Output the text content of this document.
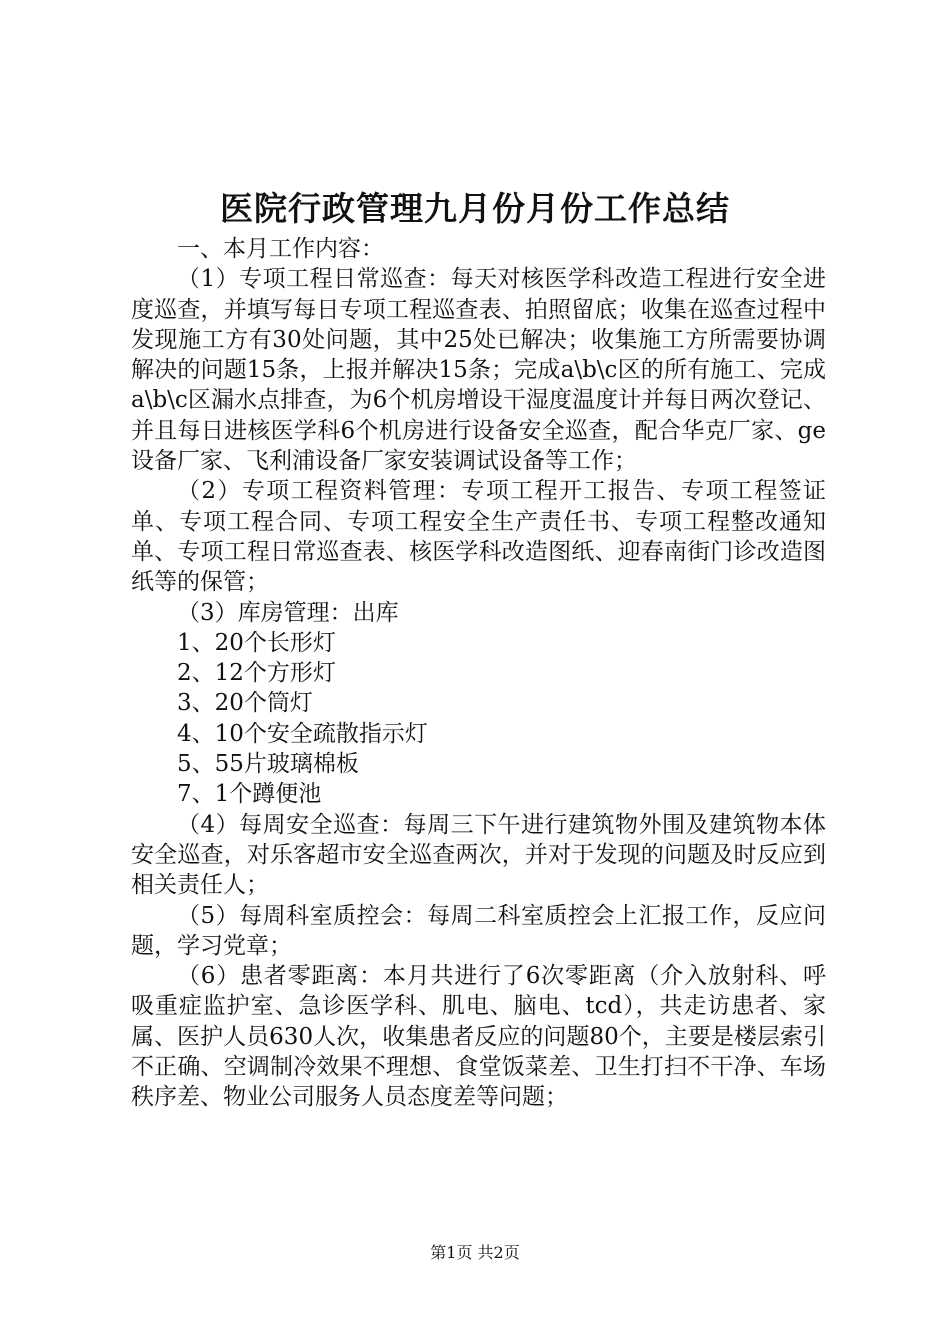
医院行政管理九月份月份工作总结

一、本月工作内容：

（1）专项工程日常巡查：每天对核医学科改造工程进行安全进度巡查，并填写每日专项工程巡查表、拍照留底；收集在巡查过程中发现施工方有30处问题，其中25处已解决；收集施工方所需要协调解决的问题15条，上报并解决15条；完成a\b\c区的所有施工、完成a\b\c区漏水点排查，为6个机房增设干湿度温度计并每日两次登记、并且每日进核医学科6个机房进行设备安全巡查，配合华克厂家、ge设备厂家、飞利浦设备厂家安装调试设备等工作；

（2）专项工程资料管理：专项工程开工报告、专项工程签证单、专项工程合同、专项工程安全生产责任书、专项工程整改通知单、专项工程日常巡查表、核医学科改造图纸、迎春南街门诊改造图纸等的保管；

（3）库房管理：出库

1、20个长形灯

2、12个方形灯

3、20个筒灯

4、10个安全疏散指示灯

5、55片玻璃棉板

7、1个蹲便池

（4）每周安全巡查：每周三下午进行建筑物外围及建筑物本体安全巡查，对乐客超市安全巡查两次，并对于发现的问题及时反应到相关责任人；

（5）每周科室质控会：每周二科室质控会上汇报工作，反应问题，学习党章；

（6）患者零距离：本月共进行了6次零距离（介入放射科、呼吸重症监护室、急诊医学科、肌电、脑电、tcd），共走访患者、家属、医护人员630人次，收集患者反应的问题80个，主要是楼层索引不正确、空调制冷效果不理想、食堂饭菜差、卫生打扫不干净、车场秩序差、物业公司服务人员态度差等问题；

第1页 共2页
